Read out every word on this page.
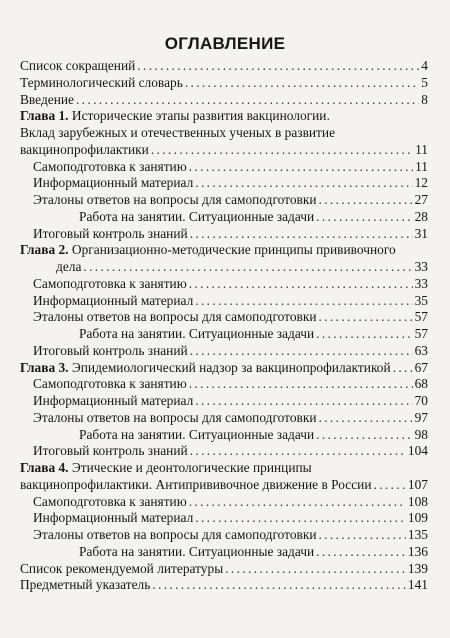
ОГЛАВЛЕНИЕ
Список сокращений . . .	4
Терминологический словарь . . .	5
Введение . . .	8
Глава 1. Исторические этапы развития вакцинологии.
Вклад зарубежных и отечественных ученых в развитие
вакцинопрофилактики . . .	11
Самоподготовка к занятию . . .	11
Информационный материал . . .	12
Эталоны ответов на вопросы для самоподготовки . . .	27
Работа на занятии. Ситуационные задачи . . .	28
Итоговый контроль знаний . . .	31
Глава 2. Организационно-методические принципы прививочного
дела . . .	33
Самоподготовка к занятию . . .	33
Информационный материал . . .	35
Эталоны ответов на вопросы для самоподготовки . . .	57
Работа на занятии. Ситуационные задачи . . .	57
Итоговый контроль знаний . . .	63
Глава 3. Эпидемиологический надзор за вакцинопрофилактикой . . . 67
Самоподготовка к занятию . . .	68
Информационный материал . . .	70
Эталоны ответов на вопросы для самоподготовки . . .	97
Работа на занятии. Ситуационные задачи . . .	98
Итоговый контроль знаний . . .	104
Глава 4. Этические и деонтологические принципы
вакцинопрофилактики. Антипрививочное движение в России . . .	107
Самоподготовка к занятию . . .	108
Информационный материал . . .	109
Эталоны ответов на вопросы для самоподготовки . . .	135
Работа на занятии. Ситуационные задачи . . .	136
Список рекомендуемой литературы . . .	139
Предметный указатель . . .	141
